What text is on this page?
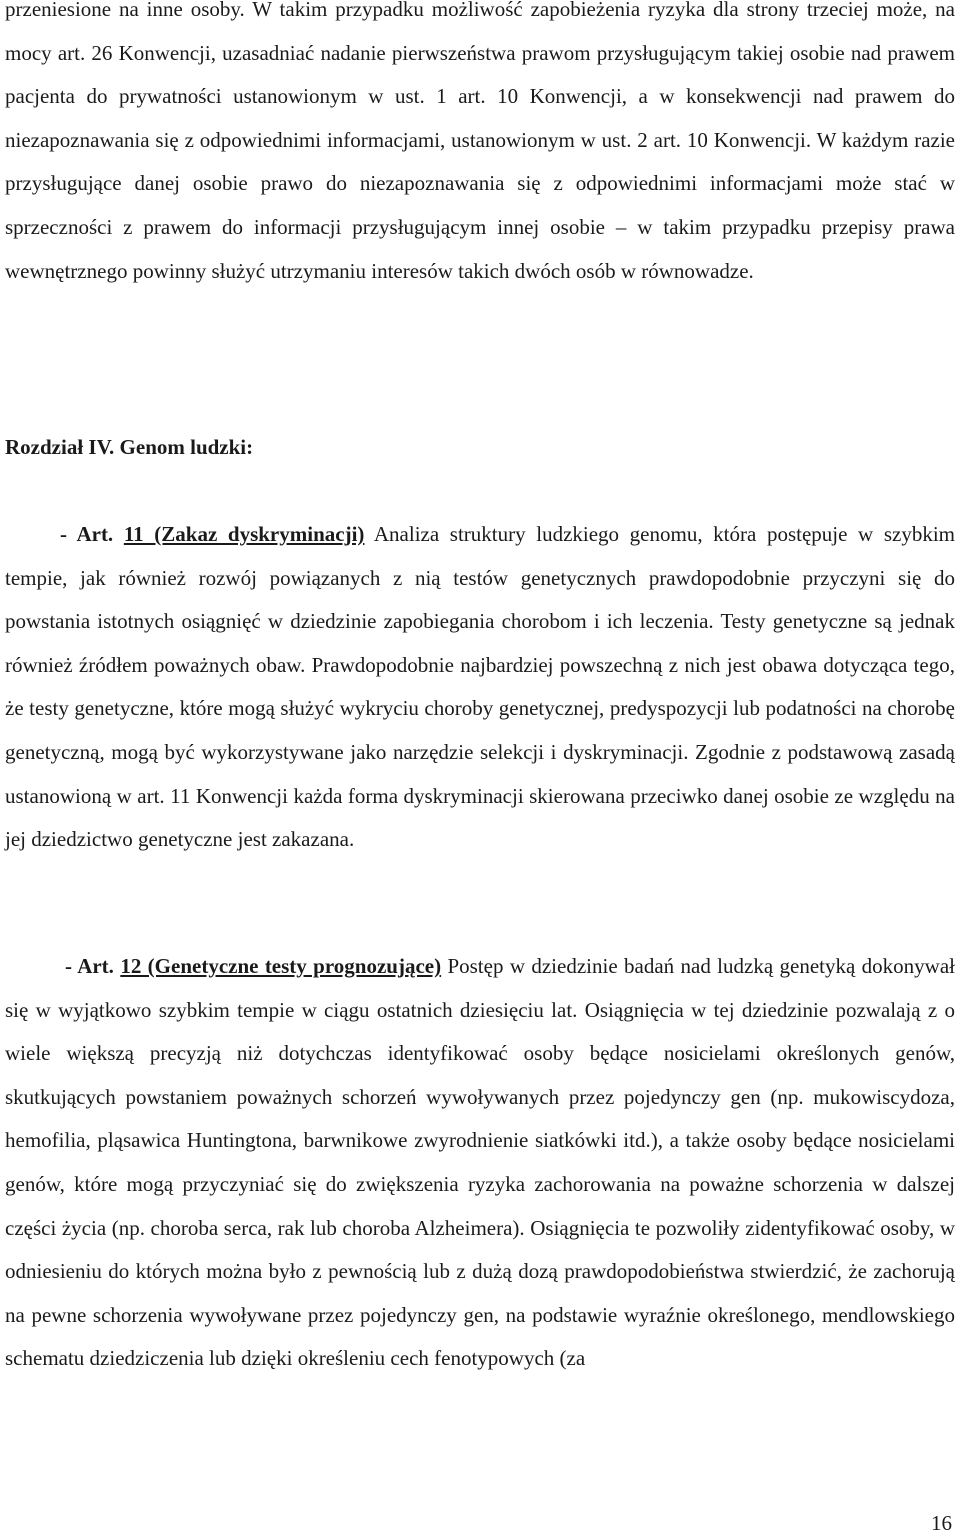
przeniesione na inne osoby. W takim przypadku możliwość zapobieżenia ryzyka dla strony trzeciej może, na mocy art. 26 Konwencji, uzasadniać nadanie pierwszeństwa prawom przysługującym takiej osobie nad prawem pacjenta do prywatności ustanowionym w ust. 1 art. 10 Konwencji, a w konsekwencji nad prawem do niezapoznawania się z odpowiednimi informacjami, ustanowionym w ust. 2 art. 10 Konwencji. W każdym razie przysługujące danej osobie prawo do niezapoznawania się z odpowiednimi informacjami może stać w sprzeczności z prawem do informacji przysługującym innej osobie – w takim przypadku przepisy prawa wewnętrznego powinny służyć utrzymaniu interesów takich dwóch osób w równowadze.

Rozdział IV. Genom ludzki:

- Art. 11 (Zakaz dyskryminacji) Analiza struktury ludzkiego genomu, która postępuje w szybkim tempie, jak również rozwój powiązanych z nią testów genetycznych prawdopodobnie przyczyni się do powstania istotnych osiągnięć w dziedzinie zapobiegania chorobom i ich leczenia. Testy genetyczne są jednak również źródłem poważnych obaw. Prawdopodobnie najbardziej powszechną z nich jest obawa dotycząca tego, że testy genetyczne, które mogą służyć wykryciu choroby genetycznej, predyspozycji lub podatności na chorobę genetyczną, mogą być wykorzystywane jako narzędzie selekcji i dyskryminacji. Zgodnie z podstawową zasadą ustanowioną w art. 11 Konwencji każda forma dyskryminacji skierowana przeciwko danej osobie ze względu na jej dziedzictwo genetyczne jest zakazana.

- Art. 12 (Genetyczne testy prognozujące) Postęp w dziedzinie badań nad ludzką genetyką dokonywał się w wyjątkowo szybkim tempie w ciągu ostatnich dziesięciu lat. Osiągnięcia w tej dziedzinie pozwalają z o wiele większą precyzją niż dotychczas identyfikować osoby będące nosicielami określonych genów, skutkujących powstaniem poważnych schorzeń wywoływanych przez pojedynczy gen (np. mukowiscydoza, hemofilia, pląsawica Huntingtona, barwnikowe zwyrodnienie siatkówki itd.), a także osoby będące nosicielami genów, które mogą przyczyniać się do zwiększenia ryzyka zachorowania na poważne schorzenia w dalszej części życia (np. choroba serca, rak lub choroba Alzheimera). Osiągnięcia te pozwoliły zidentyfikować osoby, w odniesieniu do których można było z pewnością lub z dużą dozą prawdopodobieństwa stwierdzić, że zachorują na pewne schorzenia wywoływane przez pojedynczy gen, na podstawie wyraźnie określonego, mendlowskiego schematu dziedziczenia lub dzięki określeniu cech fenotypowych (za

16
